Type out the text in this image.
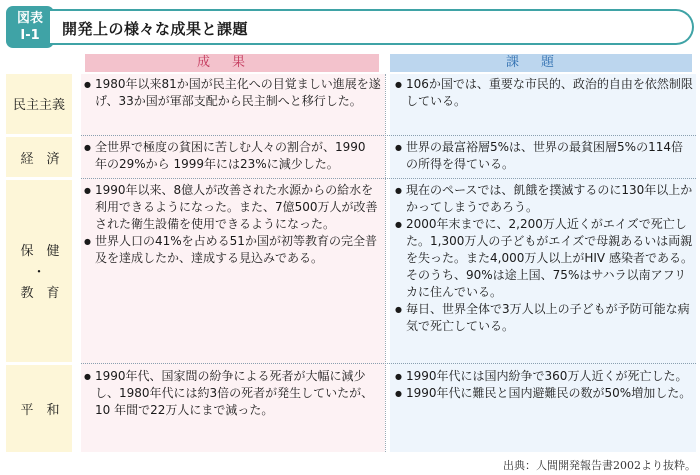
図表
Ⅰ-1	開発上の様々な成果と課題
成果	課題
民主主義
経 済
保 健
・
教 育
平 和
● 1980年以来81か国が民主化への目覚ましい進展を遂げ、33か国が軍部支配から民主制へと移行した。
● 106か国では、重要な市民的、政治的自由を依然制限している。
● 全世界で極度の貧困に苦しむ人々の割合が、1990年の29%から 1999年には23%に減少した。
● 世界の最富裕層5%は、世界の最貧困層5%の114倍の所得を得ている。
● 1990年以来、8億人が改善された水源からの給水を利用できるようになった。また、7億500万人が改善された衛生設備を使用できるようになった。
● 世界人口の41%を占める51か国が初等教育の完全普及を達成したか、達成する見込みである。
● 現在のペースでは、飢餓を撲滅するのに130年以上かかってしまうであろう。
● 2000年末までに、2,200万人近くがエイズで死亡した。1,300万人の子どもがエイズで母親あるいは両親を失った。また4,000万人以上がHIV 感染者である。そのうち、90%は途上国、75%はサハラ以南アフリカに住んでいる。
● 毎日、世界全体で3万人以上の子どもが予防可能な病気で死亡している。
● 1990年代、国家間の紛争による死者が大幅に減少し、1980年代には約3倍の死者が発生していたが、10 年間で22万人にまで減った。
● 1990年代には国内紛争で360万人近くが死亡した。
● 1990年代に難民と国内避難民の数が50%増加した。
出典：人間開発報告書2002より抜粋。
